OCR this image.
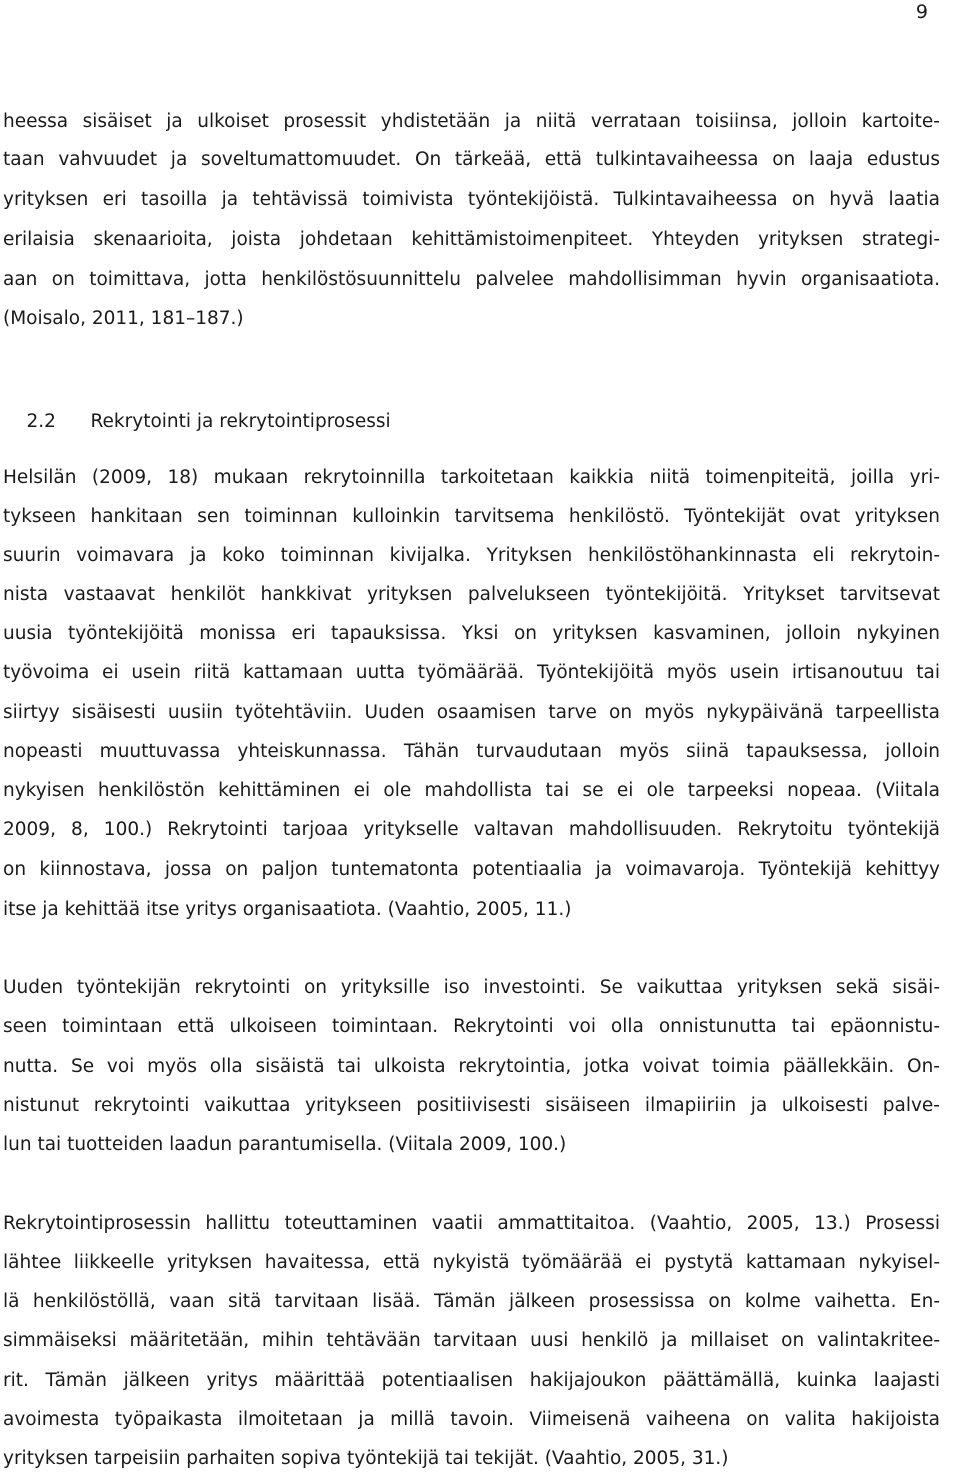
9
heessa sisäiset ja ulkoiset prosessit yhdistetään ja niitä verrataan toisiinsa, jolloin kartoite-
taan vahvuudet ja soveltumattomuudet. On tärkeää, että tulkintavaiheessa on laaja edustus
yrityksen eri tasoilla ja tehtävissä toimivista työntekijöistä. Tulkintavaiheessa on hyvä laatia
erilaisia skenaarioita, joista johdetaan kehittämistoimenpiteet. Yhteyden yrityksen strategi-
aan on toimittava, jotta henkilöstösuunnittelu palvelee mahdollisimman hyvin organisaatiota.
(Moisalo, 2011, 181–187.)

2.2 Rekrytointi ja rekrytointiprosessi

Helsilän (2009, 18) mukaan rekrytoinnilla tarkoitetaan kaikkia niitä toimenpiteitä, joilla yri-
tykseen hankitaan sen toiminnan kulloinkin tarvitsema henkilöstö. Työntekijät ovat yrityksen
suurin voimavara ja koko toiminnan kivijalka. Yrityksen henkilöstöhankinnasta eli rekrytoin-
nista vastaavat henkilöt hankkivat yrityksen palvelukseen työntekijöitä. Yritykset tarvitsevat
uusia työntekijöitä monissa eri tapauksissa. Yksi on yrityksen kasvaminen, jolloin nykyinen
työvoima ei usein riitä kattamaan uutta työmäärää. Työntekijöitä myös usein irtisanoutuu tai
siirtyy sisäisesti uusiin työtehtäviin. Uuden osaamisen tarve on myös nykypäivänä tarpeellista
nopeasti muuttuvassa yhteiskunnassa. Tähän turvaudutaan myös siinä tapauksessa, jolloin
nykyisen henkilöstön kehittäminen ei ole mahdollista tai se ei ole tarpeeksi nopeaa. (Viitala
2009, 8, 100.) Rekrytointi tarjoaa yritykselle valtavan mahdollisuuden. Rekrytoitu työntekijä
on kiinnostava, jossa on paljon tuntematonta potentiaalia ja voimavaroja. Työntekijä kehittyy
itse ja kehittää itse yritys organisaatiota. (Vaahtio, 2005, 11.)
Uuden työntekijän rekrytointi on yrityksille iso investointi. Se vaikuttaa yrityksen sekä sisäi-
seen toimintaan että ulkoiseen toimintaan. Rekrytointi voi olla onnistunutta tai epäonnistu-
nutta. Se voi myös olla sisäistä tai ulkoista rekrytointia, jotka voivat toimia päällekkäin. On-
nistunut rekrytointi vaikuttaa yritykseen positiivisesti sisäiseen ilmapiiriin ja ulkoisesti palve-
lun tai tuotteiden laadun parantumisella. (Viitala 2009, 100.)
Rekrytointiprosessin hallittu toteuttaminen vaatii ammattitaitoa. (Vaahtio, 2005, 13.) Prosessi
lähtee liikkeelle yrityksen havaitessa, että nykyistä työmäärää ei pystytä kattamaan nykyisel-
lä henkilöstöllä, vaan sitä tarvitaan lisää. Tämän jälkeen prosessissa on kolme vaihetta. En-
simmäiseksi määritetään, mihin tehtävään tarvitaan uusi henkilö ja millaiset on valintakritee-
rit. Tämän jälkeen yritys määrittää potentiaalisen hakijajoukon päättämällä, kuinka laajasti
avoimesta työpaikasta ilmoitetaan ja millä tavoin. Viimeisenä vaiheena on valita hakijoista
yrityksen tarpeisiin parhaiten sopiva työntekijä tai tekijät. (Vaahtio, 2005, 31.)
